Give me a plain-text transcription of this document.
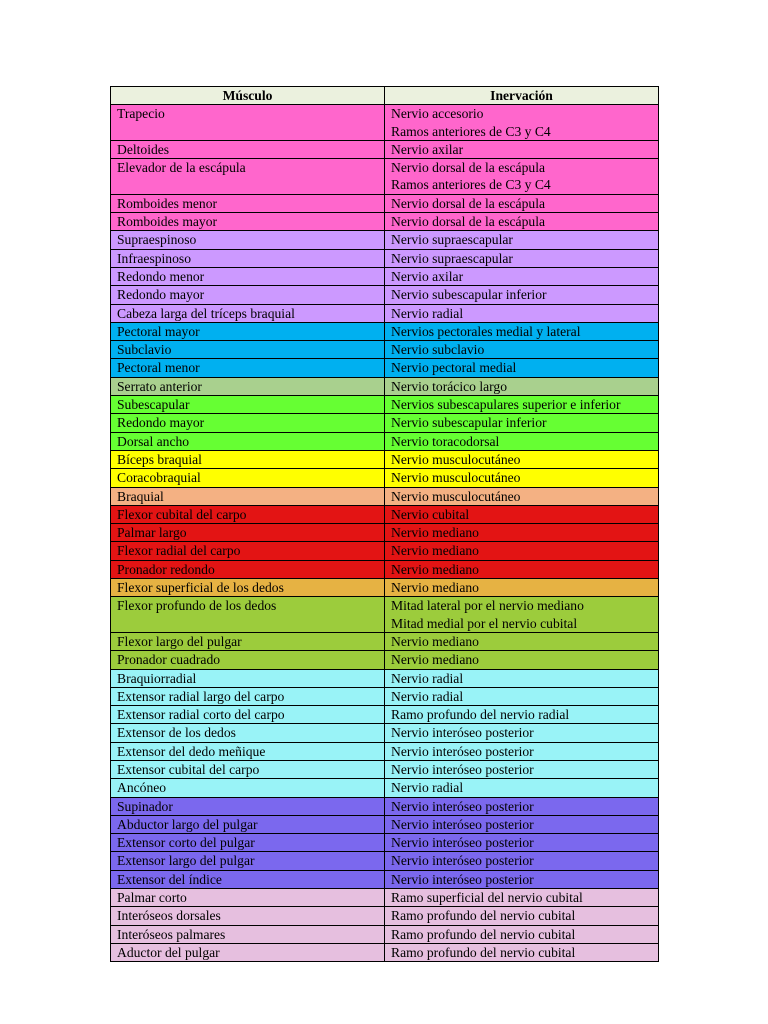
Músculo	Inervación
Trapecio	Nervio accesorio
Ramos anteriores de C3 y C4

Deltoides	Nervio axilar

Elevador de la escápula	Nervio dorsal de la escápula
Ramos anteriores de C3 y C4

Romboides menor	Nervio dorsal de la escápula

Romboides mayor	Nervio dorsal de la escápula

Supraespinoso	Nervio supraescapular

Infraespinoso	Nervio supraescapular

Redondo menor	Nervio axilar

Redondo mayor	Nervio subescapular inferior

Cabeza larga del tríceps braquial	Nervio radial

Pectoral mayor	Nervios pectorales medial y lateral

Subclavio	Nervio subclavio

Pectoral menor	Nervio pectoral medial

Serrato anterior	Nervio torácico largo

Subescapular	Nervios subescapulares superior e inferior

Redondo mayor	Nervio subescapular inferior

Dorsal ancho	Nervio toracodorsal

Bíceps braquial	Nervio musculocutáneo

Coracobraquial	Nervio musculocutáneo

Braquial	Nervio musculocutáneo

Flexor cubital del carpo	Nervio cubital

Palmar largo	Nervio mediano

Flexor radial del carpo	Nervio mediano

Pronador redondo	Nervio mediano

Flexor superficial de los dedos	Nervio mediano

Flexor profundo de los dedos	Mitad lateral por el nervio mediano
Mitad medial por el nervio cubital

Flexor largo del pulgar	Nervio mediano

Pronador cuadrado	Nervio mediano

Braquiorradial	Nervio radial

Extensor radial largo del carpo	Nervio radial

Extensor radial corto del carpo	Ramo profundo del nervio radial

Extensor de los dedos	Nervio interóseo posterior

Extensor del dedo meñique	Nervio interóseo posterior

Extensor cubital del carpo	Nervio interóseo posterior

Ancóneo	Nervio radial

Supinador	Nervio interóseo posterior

Abductor largo del pulgar	Nervio interóseo posterior

Extensor corto del pulgar	Nervio interóseo posterior

Extensor largo del pulgar	Nervio interóseo posterior

Extensor del índice	Nervio interóseo posterior

Palmar corto	Ramo superficial del nervio cubital

Interóseos dorsales	Ramo profundo del nervio cubital

Interóseos palmares	Ramo profundo del nervio cubital

Aductor del pulgar	Ramo profundo del nervio cubital
